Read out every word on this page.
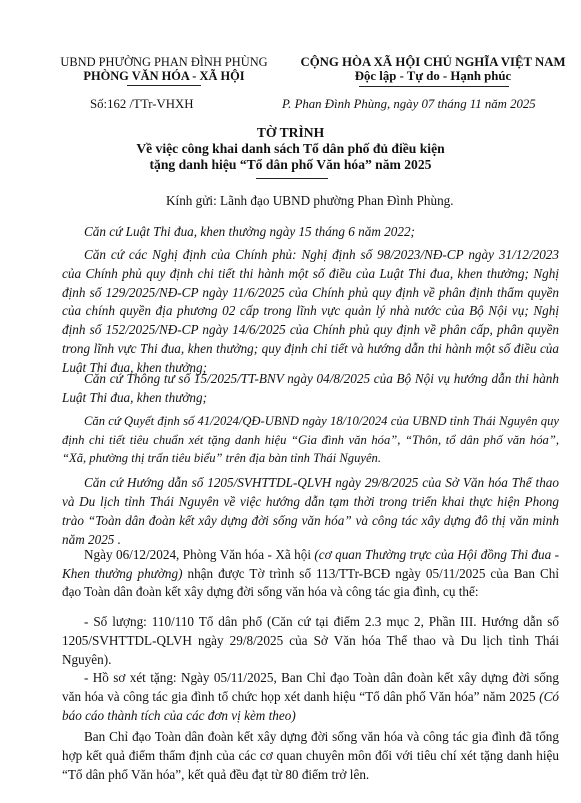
UBND PHƯỜNG PHAN ĐÌNH PHÙNG
PHÒNG VĂN HÓA - XÃ HỘI
CỘNG HÒA XÃ HỘI CHỦ NGHĨA VIỆT NAM
Độc lập - Tự do - Hạnh phúc
Số:162 /TTr-VHXH	P. Phan Đình Phùng, ngày 07 tháng 11 năm 2025
TỜ TRÌNH
Về việc công khai danh sách Tổ dân phố đủ điều kiện
tặng danh hiệu “Tổ dân phố Văn hóa” năm 2025
Kính gửi: Lãnh đạo UBND phường Phan Đình Phùng.
Căn cứ Luật Thi đua, khen thưởng ngày 15 tháng 6 năm 2022;
Căn cứ các Nghị định của Chính phủ: Nghị định số 98/2023/NĐ-CP ngày 31/12/2023 của Chính phủ quy định chi tiết thi hành một số điều của Luật Thi đua, khen thưởng; Nghị định số 129/2025/NĐ-CP ngày 11/6/2025 của Chính phủ quy định về phân định thẩm quyền của chính quyền địa phương 02 cấp trong lĩnh vực quản lý nhà nước của Bộ Nội vụ; Nghị định số 152/2025/NĐ-CP ngày 14/6/2025 của Chính phủ quy định về phân cấp, phân quyền trong lĩnh vực Thi đua, khen thưởng; quy định chi tiết và hướng dẫn thi hành một số điều của Luật Thi đua, khen thưởng;
Căn cứ Thông tư số 15/2025/TT-BNV ngày 04/8/2025 của Bộ Nội vụ hướng dẫn thi hành Luật Thi đua, khen thưởng;
Căn cứ Quyết định số 41/2024/QĐ-UBND ngày 18/10/2024 của UBND tỉnh Thái Nguyên quy định chi tiết tiêu chuẩn xét tặng danh hiệu “Gia đình văn hóa”, “Thôn, tổ dân phố văn hóa”, “Xã, phường thị trấn tiêu biểu” trên địa bàn tỉnh Thái Nguyên.
Căn cứ Hướng dẫn số 1205/SVHTTDL-QLVH ngày 29/8/2025 của Sở Văn hóa Thể thao và Du lịch tỉnh Thái Nguyên về việc hướng dẫn tạm thời trong triển khai thực hiện Phong trào “Toàn dân đoàn kết xây dựng đời sống văn hóa” và công tác xây dựng đô thị văn minh năm 2025 .
Ngày 06/12/2024, Phòng Văn hóa - Xã hội (cơ quan Thường trực của Hội đồng Thi đua - Khen thưởng phường) nhận được Tờ trình số 113/TTr-BCĐ ngày 05/11/2025 của Ban Chỉ đạo Toàn dân đoàn kết xây dựng đời sống văn hóa và công tác gia đình, cụ thể:
- Số lượng: 110/110 Tổ dân phố (Căn cứ tại điểm 2.3 mục 2, Phần III. Hướng dẫn số 1205/SVHTTDL-QLVH ngày 29/8/2025 của Sở Văn hóa Thể thao và Du lịch tỉnh Thái Nguyên).
- Hồ sơ xét tặng: Ngày 05/11/2025, Ban Chỉ đạo Toàn dân đoàn kết xây dựng đời sống văn hóa và công tác gia đình tổ chức họp xét danh hiệu “Tổ dân phố Văn hóa” năm 2025 (Có báo cáo thành tích của các đơn vị kèm theo)
Ban Chỉ đạo Toàn dân đoàn kết xây dựng đời sống văn hóa và công tác gia đình đã tổng hợp kết quả điểm thẩm định của các cơ quan chuyên môn đối với tiêu chí xét tặng danh hiệu “Tổ dân phố Văn hóa”, kết quả đều đạt từ 80 điểm trở lên.
